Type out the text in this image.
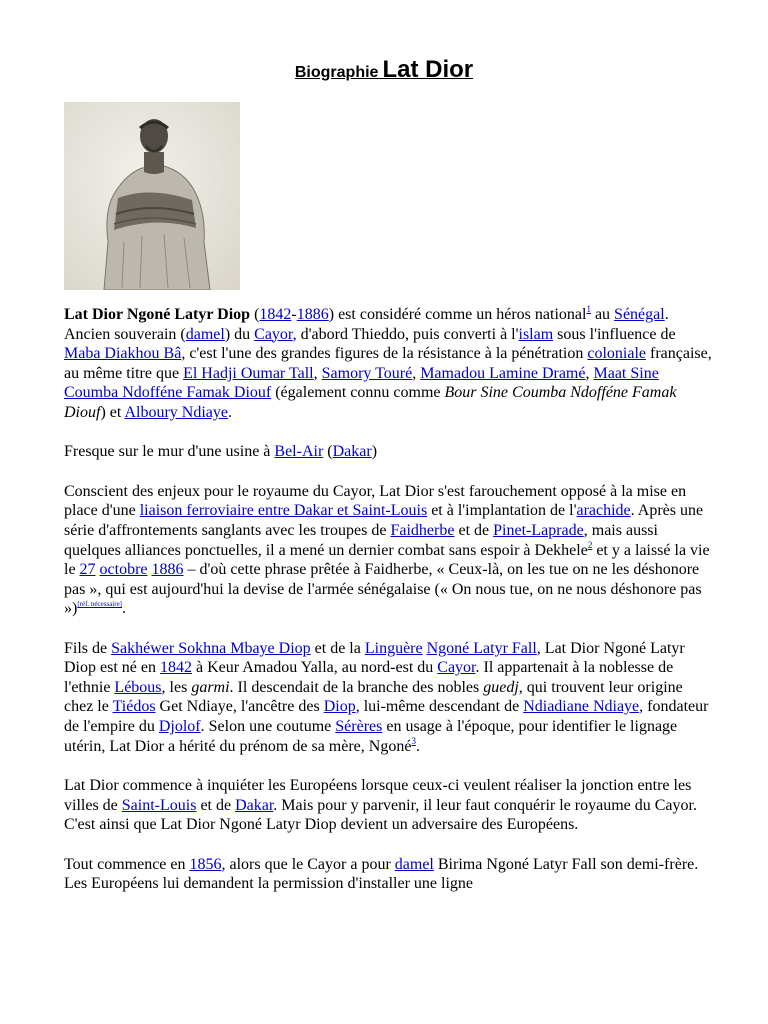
Biographie Lat Dior

Lat Dior Ngoné Latyr Diop (1842-1886) est considéré comme un héros national$^1$ au Sénégal. Ancien souverain (damel) du Cayor, d'abord Thieddo, puis converti à l'islam sous l'influence de Maba Diakhou Bâ, c'est l'une des grandes figures de la résistance à la pénétration coloniale française, au même titre que El Hadji Oumar Tall, Samory Touré, Mamadou Lamine Dramé, Maat Sine Coumba Ndofféne Famak Diouf (également connu comme Bour Sine Coumba Ndofféne Famak Diouf) et Alboury Ndiaye.

Fresque sur le mur d'une usine à Bel-Air (Dakar)

Conscient des enjeux pour le royaume du Cayor, Lat Dior s'est farouchement opposé à la mise en place d'une liaison ferroviaire entre Dakar et Saint-Louis et à l'implantation de l'arachide. Après une série d'affrontements sanglants avec les troupes de Faidherbe et de Pinet-Laprade, mais aussi quelques alliances ponctuelles, il a mené un dernier combat sans espoir à Dekhele$^2$ et y a laissé la vie le 27 octobre 1886 – d'où cette phrase prêtée à Faidherbe, « Ceux-là, on les tue on ne les déshonore pas », qui est aujourd'hui la devise de l'armée sénégalaise (« On nous tue, on ne nous déshonore pas »)[réf. nécessaire].

Fils de Sakhéwer Sokhna Mbaye Diop et de la Linguère Ngoné Latyr Fall, Lat Dior Ngoné Latyr Diop est né en 1842 à Keur Amadou Yalla, au nord-est du Cayor. Il appartenait à la noblesse de l'ethnie Lébous, les garmi. Il descendait de la branche des nobles guedj, qui trouvent leur origine chez le Tiédos Get Ndiaye, l'ancêtre des Diop, lui-même descendant de Ndiadiane Ndiaye, fondateur de l'empire du Djolof. Selon une coutume Sérères en usage à l'époque, pour identifier le lignage utérin, Lat Dior a hérité du prénom de sa mère, Ngoné$^3$.

Lat Dior commence à inquiéter les Européens lorsque ceux-ci veulent réaliser la jonction entre les villes de Saint-Louis et de Dakar. Mais pour y parvenir, il leur faut conquérir le royaume du Cayor. C'est ainsi que Lat Dior Ngoné Latyr Diop devient un adversaire des Européens.

Tout commence en 1856, alors que le Cayor a pour damel Birima Ngoné Latyr Fall son demi-frère. Les Européens lui demandent la permission d'installer une ligne
